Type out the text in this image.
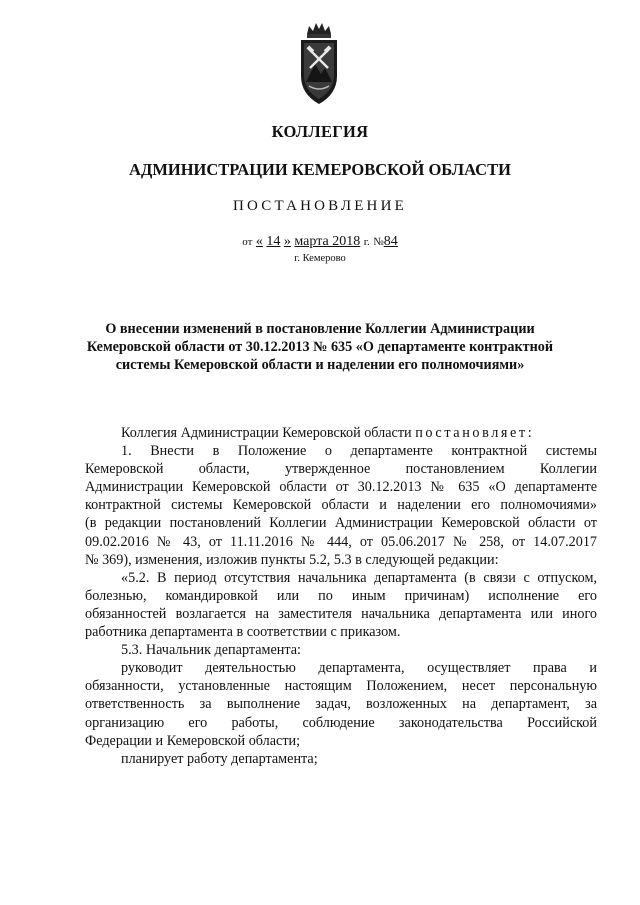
КОЛЛЕГИЯ
АДМИНИСТРАЦИИ КЕМЕРОВСКОЙ ОБЛАСТИ
ПОСТАНОВЛЕНИЕ
от « 14 » марта 2018 г. №84
г. Кемерово
О внесении изменений в постановление Коллегии Администрации
Кемеровской области от 30.12.2013 № 635 «О департаменте контрактной
системы Кемеровской области и наделении его полномочиями»
Коллегия Администрации Кемеровской области постановляет:
1. Внести в Положение о департаменте контрактной системы
Кемеровской области, утвержденное постановлением Коллегии
Администрации Кемеровской области от 30.12.2013 № 635 «О департаменте
контрактной системы Кемеровской области и наделении его полномочиями»
(в редакции постановлений Коллегии Администрации Кемеровской области от
09.02.2016 № 43, от 11.11.2016 № 444, от 05.06.2017 № 258, от 14.07.2017
№ 369), изменения, изложив пункты 5.2, 5.3 в следующей редакции:
«5.2. В период отсутствия начальника департамента (в связи с отпуском,
болезнью, командировкой или по иным причинам) исполнение его
обязанностей возлагается на заместителя начальника департамента или иного
работника департамента в соответствии с приказом.
5.3. Начальник департамента:
руководит деятельностью департамента, осуществляет права и
обязанности, установленные настоящим Положением, несет персональную
ответственность за выполнение задач, возложенных на департамент, за
организацию его работы, соблюдение законодательства Российской
Федерации и Кемеровской области;
планирует работу департамента;
